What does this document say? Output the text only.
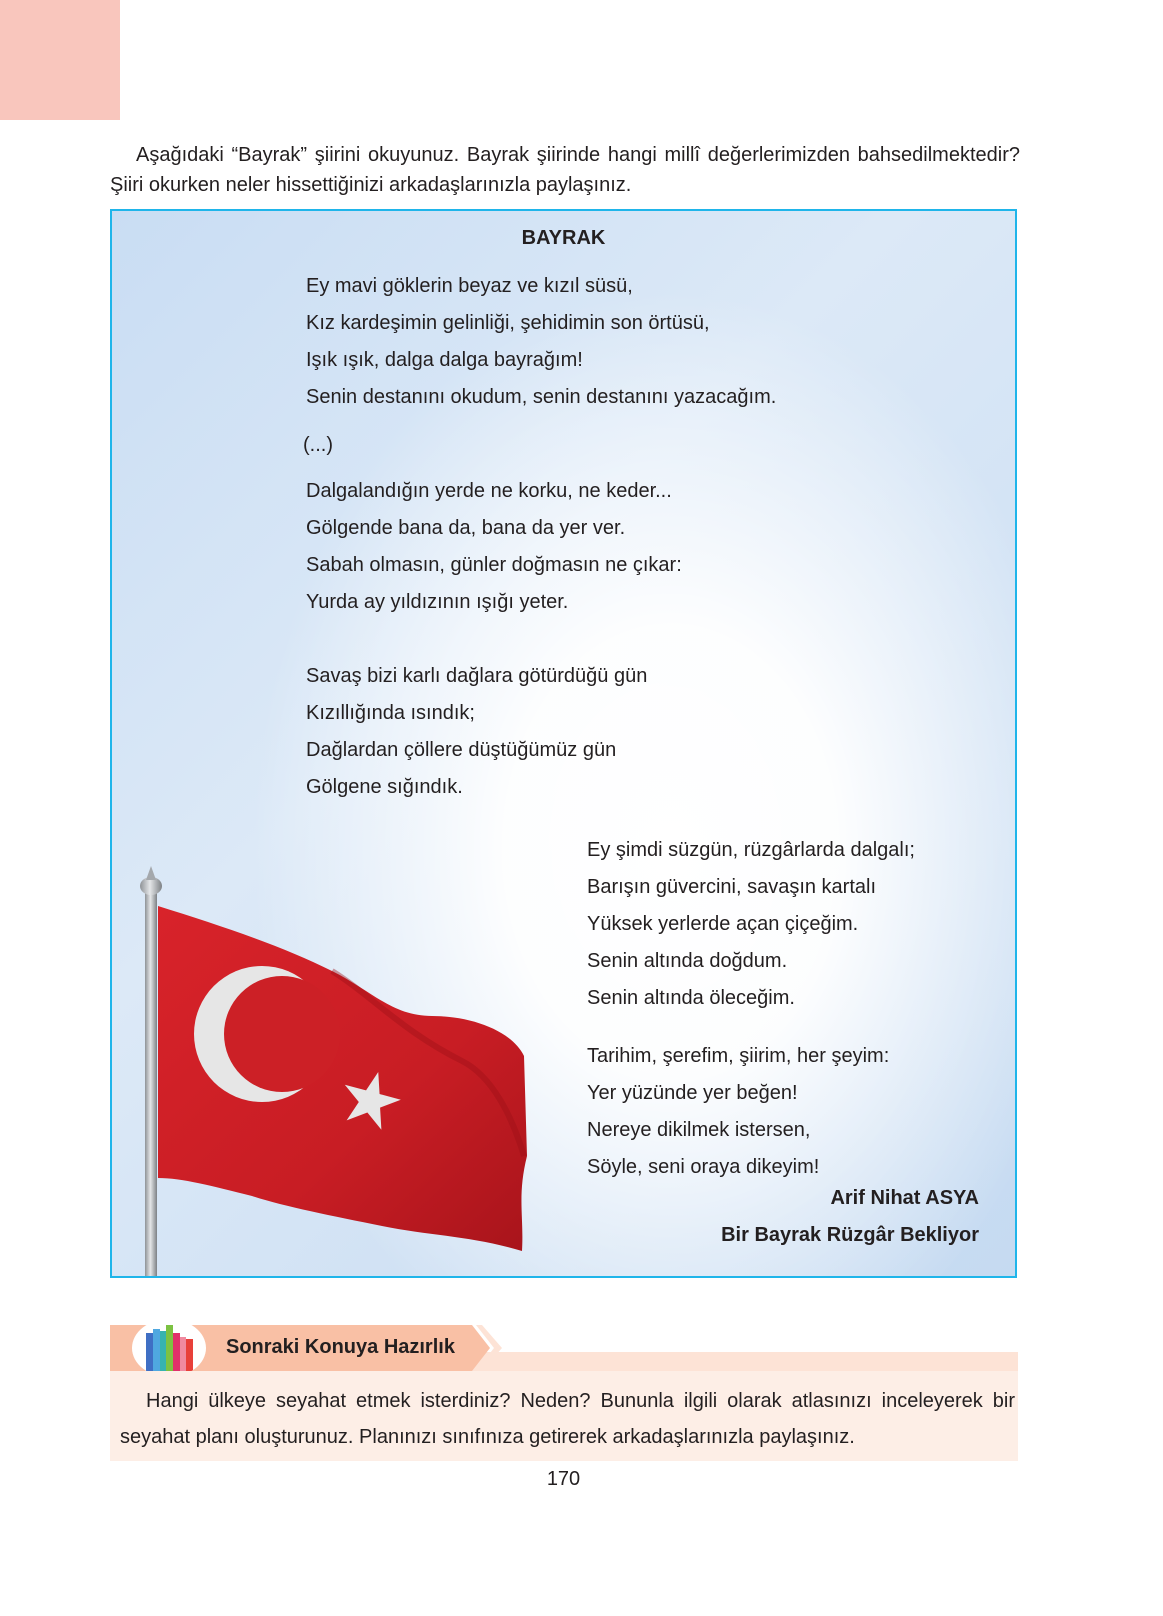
Aşağıdaki “Bayrak” şiirini okuyunuz. Bayrak şiirinde hangi millî değerlerimizden bahsedilmektedir? Şiiri okurken neler hissettiğinizi arkadaşlarınızla paylaşınız.
BAYRAK
Ey mavi göklerin beyaz ve kızıl süsü,
Kız kardeşimin gelinliği, şehidimin son örtüsü,
Işık ışık, dalga dalga bayrağım!
Senin destanını okudum, senin destanını yazacağım.
(...)
Dalgalandığın yerde ne korku, ne keder...
Gölgende bana da, bana da yer ver.
Sabah olmasın, günler doğmasın ne çıkar:
Yurda ay yıldızının ışığı yeter.
Savaş bizi karlı dağlara götürdüğü gün
Kızıllığında ısındık;
Dağlardan çöllere düştüğümüz gün
Gölgene sığındık.
Ey şimdi süzgün, rüzgârlarda dalgalı;
Barışın güvercini, savaşın kartalı
Yüksek yerlerde açan çiçeğim.
Senin altında doğdum.
Senin altında öleceğim.
Tarihim, şerefim, şiirim, her şeyim:
Yer yüzünde yer beğen!
Nereye dikilmek istersen,
Söyle, seni oraya dikeyim!
Arif Nihat ASYA
Bir Bayrak Rüzgâr Bekliyor
Sonraki Konuya Hazırlık
Hangi ülkeye seyahat etmek isterdiniz? Neden? Bununla ilgili olarak atlasınızı inceleyerek bir seyahat planı oluşturunuz. Planınızı sınıfınıza getirerek arkadaşlarınızla paylaşınız.
170
